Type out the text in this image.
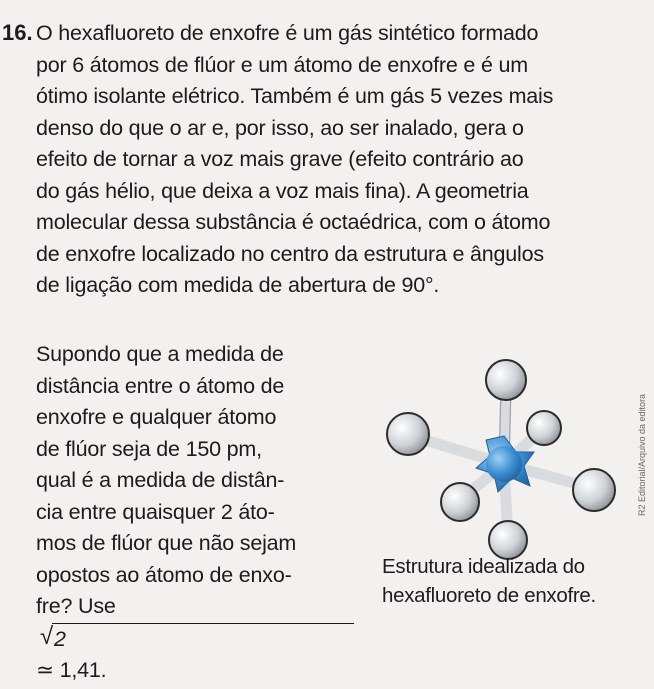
16. O hexafluoreto de enxofre é um gás sintético formado
por 6 átomos de flúor e um átomo de enxofre e é um
ótimo isolante elétrico. Também é um gás 5 vezes mais
denso do que o ar e, por isso, ao ser inalado, gera o
efeito de tornar a voz mais grave (efeito contrário ao
do gás hélio, que deixa a voz mais fina). A geometria
molecular dessa substância é octaédrica, com o átomo
de enxofre localizado no centro da estrutura e ângulos
de ligação com medida de abertura de 90°.
Supondo que a medida de
distância entre o átomo de
enxofre e qualquer átomo
de flúor seja de 150 pm,
qual é a medida de distân-
cia entre quaisquer 2 áto-
mos de flúor que não sejam
opostos ao átomo de enxo-
fre? Use
√ 2
≃ 1,41.
Estrutura idealizada do
hexafluoreto de enxofre.
R2 Editorial/Arquivo da editora
